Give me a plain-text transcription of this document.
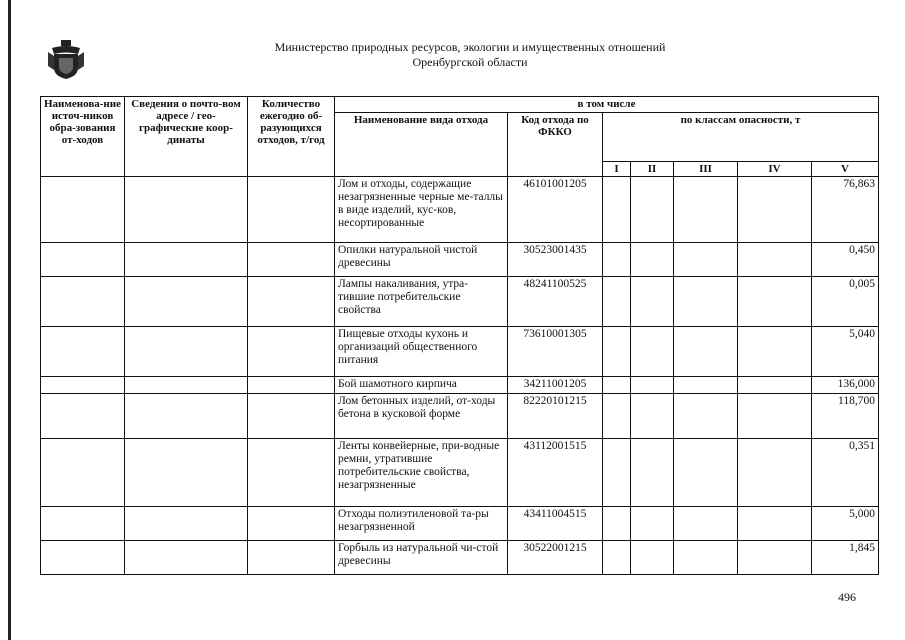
Министерство природных ресурсов, экологии и имущественных отношений
Оренбургской области
Наименова-ние источ-ников обра-зования от-ходов	Сведения о почто-вом адресе / гео-графические коор-динаты	Количество ежегодно об-разующихся отходов, т/год	в том числе						
			Наименование вида отхода	Код отхода по ФККО	по классам опасности, т				
					I	II	III	IV	V
			Лом и отходы, содержащие незагрязненные черные ме-таллы в виде изделий, кус-ков, несортированные	46101001205					76,863
			Опилки натуральной чистой древесины	30523001435					0,450
			Лампы накаливания, утра-тившие потребительские свойства	48241100525					0,005
			Пищевые отходы кухонь и организаций общественного питания	73610001305					5,040
			Бой шамотного кирпича	34211001205					136,000
			Лом бетонных изделий, от-ходы бетона в кусковой форме	82220101215					118,700
			Ленты конвейерные, при-водные ремни, утратившие потребительские свойства, незагрязненные	43112001515					0,351
			Отходы полиэтиленовой та-ры незагрязненной	43411004515					5,000
			Горбыль из натуральной чи-стой древесины	30522001215					1,845
496
